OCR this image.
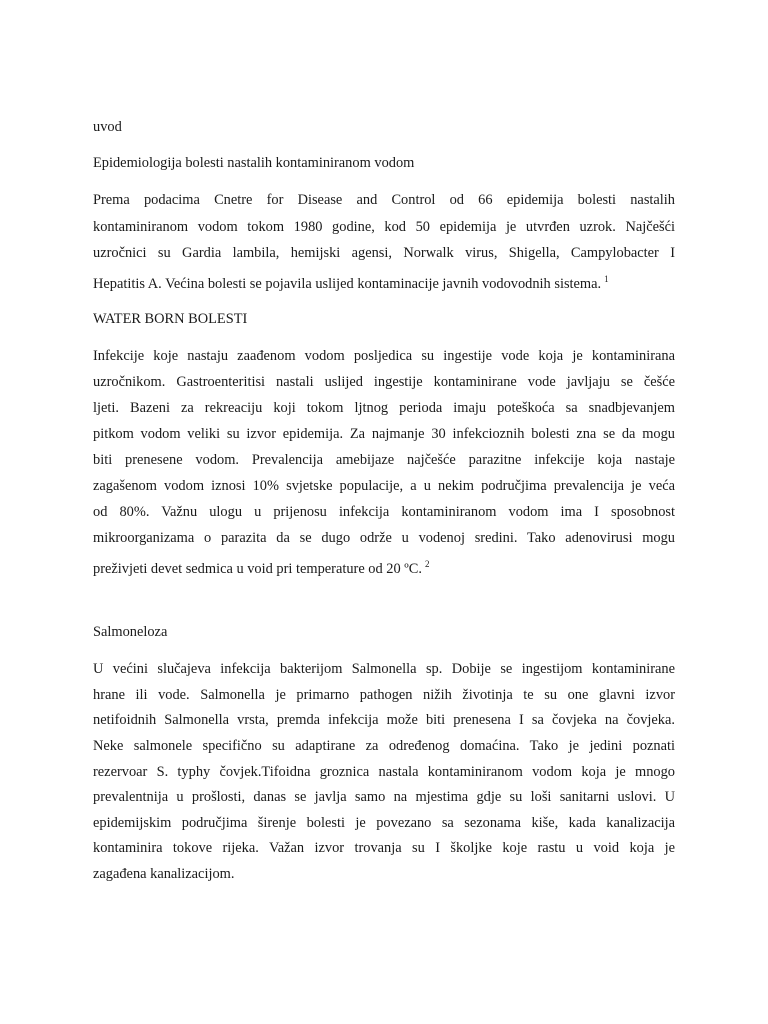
uvod
Epidemiologija bolesti nastalih kontaminiranom vodom
Prema podacima Cnetre for Disease and Control od 66 epidemija bolesti nastalih
kontaminiranom vodom tokom 1980 godine, kod 50 epidemija je utvrđen uzrok. Najčešći
uzročnici su Gardia lambila, hemijski agensi, Norwalk virus, Shigella, Campylobacter I
Hepatitis A. Većina bolesti se pojavila uslijed kontaminacije javnih vodovodnih sistema. $^1$
WATER BORN BOLESTI
Infekcije koje nastaju zaađenom vodom posljedica su ingestije vode koja je kontaminirana
uzročnikom. Gastroenteritisi nastali uslijed ingestije kontaminirane vode javljaju se češće
ljeti. Bazeni za rekreaciju koji tokom ljtnog perioda imaju poteškoća sa snadbjevanjem
pitkom vodom veliki su izvor epidemija. Za najmanje 30 infekcioznih bolesti zna se da mogu
biti prenesene vodom. Prevalencija amebijaze najčešće parazitne infekcije koja nastaje
zagašenom vodom iznosi 10% svjetske populacije, a u nekim područjima prevalencija je veća
od 80%. Važnu ulogu u prijenosu infekcija kontaminiranom vodom ima I sposobnost
mikroorganizama o parazita da se dugo održe u vodenoj sredini. Tako adenovirusi mogu
preživjeti devet sedmica u void pri temperature od 20 ºC. $^2$
Salmoneloza
U većini slučajeva infekcija bakterijom Salmonella sp. Dobije se ingestijom kontaminirane
hrane ili vode. Salmonella je primarno pathogen nižih životinja te su one glavni izvor
netifoidnih Salmonella vrsta, premda infekcija može biti prenesena I sa čovjeka na čovjeka.
Neke salmonele specifično su adaptirane za određenog domaćina. Tako je jedini poznati
rezervoar S. typhy čovjek.Tifoidna groznica nastala kontaminiranom vodom koja je mnogo
prevalentnija u prošlosti, danas se javlja samo na mjestima gdje su loši sanitarni uslovi. U
epidemijskim područjima širenje bolesti je povezano sa sezonama kiše, kada kanalizacija
kontaminira tokove rijeka. Važan izvor trovanja su I školjke koje rastu u void koja je
zagađena kanalizacijom.
